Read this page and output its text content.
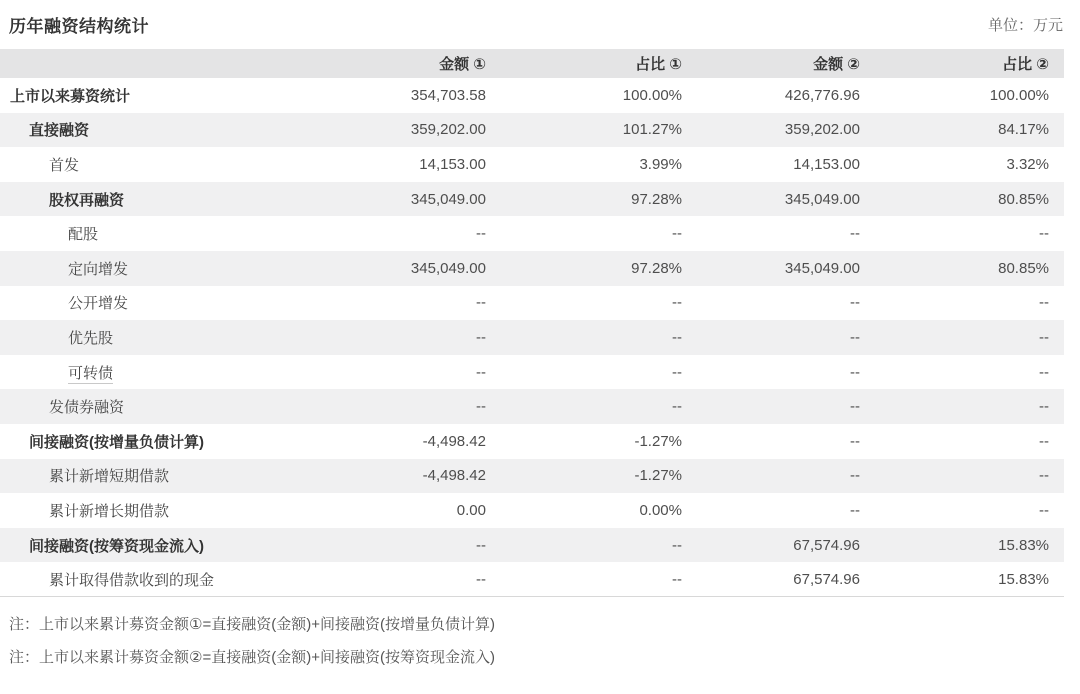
历年融资结构统计	单位：万元
	金额 ①	占比 ①	金额 ②	占比 ②
上市以来募资统计	354,703.58	100.00%	426,776.96	100.00%
直接融资	359,202.00	101.27%	359,202.00	84.17%
首发	14,153.00	3.99%	14,153.00	3.32%
股权再融资	345,049.00	97.28%	345,049.00	80.85%
配股	--	--	--	--
定向增发	345,049.00	97.28%	345,049.00	80.85%
公开增发	--	--	--	--
优先股	--	--	--	--
可转债	--	--	--	--
发债券融资	--	--	--	--
间接融资(按增量负债计算)	-4,498.42	-1.27%	--	--
累计新增短期借款	-4,498.42	-1.27%	--	--
累计新增长期借款	0.00	0.00%	--	--
间接融资(按筹资现金流入)	--	--	67,574.96	15.83%
累计取得借款收到的现金	--	--	67,574.96	15.83%

注：上市以来累计募资金额①=直接融资(金额)+间接融资(按增量负债计算)

注：上市以来累计募资金额②=直接融资(金额)+间接融资(按筹资现金流入)
